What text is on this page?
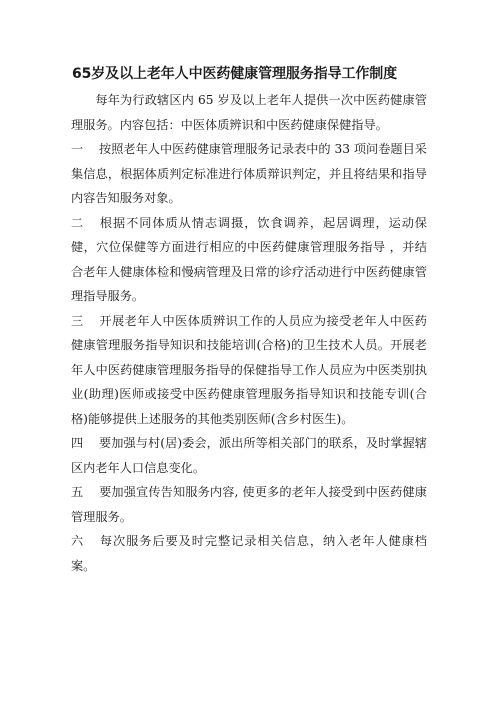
65岁及以上老年人中医药健康管理服务指导工作制度

每年为行政辖区内 65 岁及以上老年人提供一次中医药健康管理服务。内容包括：中医体质辨识和中医药健康保健指导。

一 按照老年人中医药健康管理服务记录表中的 33 项问卷题目采集信息，根据体质判定标准进行体质辩识判定，并且将结果和指导内容告知服务对象。

二 根据不同体质从情志调摄，饮食调养，起居调理，运动保健，穴位保健等方面进行相应的中医药健康管理服务指导 ，并结合老年人健康体检和慢病管理及日常的诊疗活动进行中医药健康管理指导服务。

三 开展老年人中医体质辨识工作的人员应为接受老年人中医药健康管理服务指导知识和技能培训(合格)的卫生技术人员。开展老年人中医药健康管理服务指导的保健指导工作人员应为中医类别执业(助理)医师或接受中医药健康管理服务指导知识和技能专训(合格)能够提供上述服务的其他类别医师(含乡村医生)。

四 要加强与村(居)委会，派出所等相关部门的联系，及时掌握辖区内老年人口信息变化。

五 要加强宣传告知服务内容, 使更多的老年人接受到中医药健康管理服务。

六 每次服务后要及时完整记录相关信息，纳入老年人健康档案。
